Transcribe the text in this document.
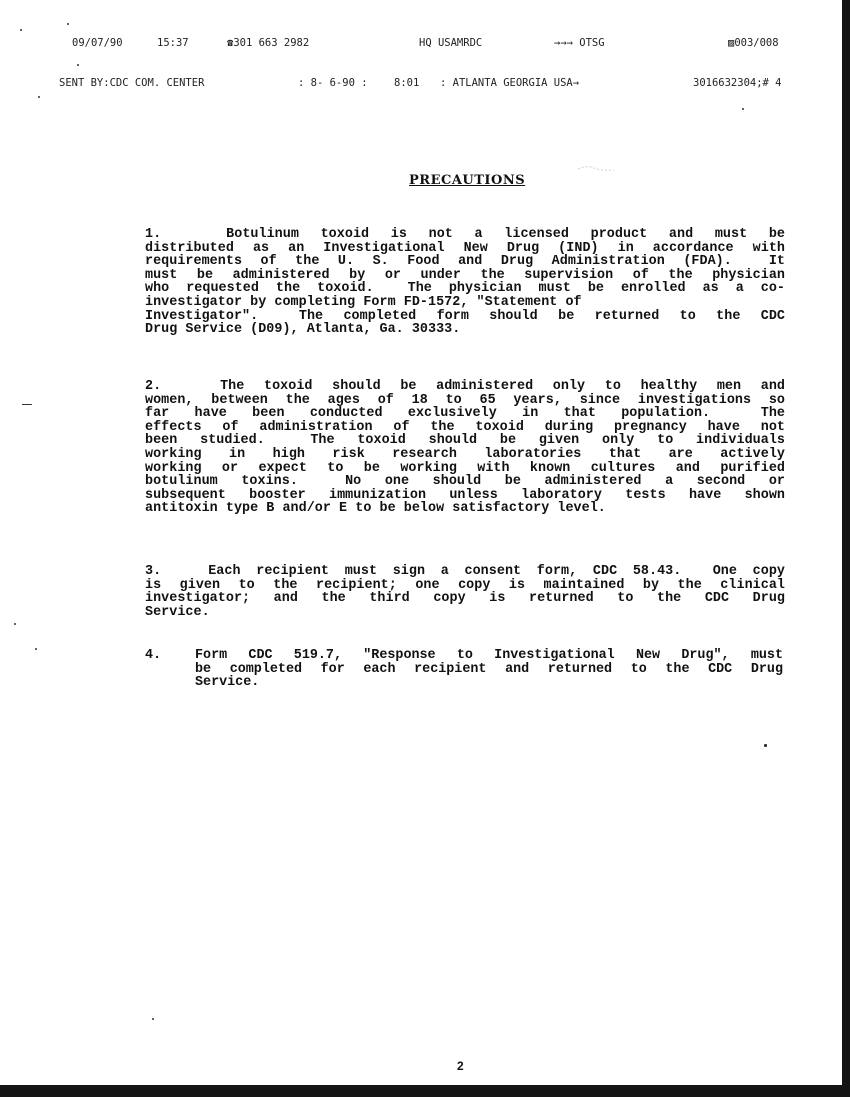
09/07/90

	15:37

	☎301 663 2982

	HQ USAMRDC

	→→→ OTSG

	▨003/008

SENT BY:CDC COM. CENTER

	: 8- 6-90 :

	8:01

: ATLANTA GEORGIA USA→

	3016632304;# 4

PRECAUTIONS
1.   Botulinum toxoid is not a licensed product and must be
distributed as an Investigational New Drug (IND) in accordance with
requirements of the U. S. Food and Drug Administration (FDA).  It
must be administered by or under the supervision of the physician
who requested the toxoid.  The physician must be enrolled as a co-
investigator by completing Form FD-1572, "Statement of
Investigator".  The completed form should be returned to the CDC
Drug Service (D09), Atlanta, Ga. 30333.
2.   The toxoid should be administered only to healthy men and
women, between the ages of 18 to 65 years, since investigations so
far have been conducted exclusively in that population.  The
effects of administration of the toxoid during pregnancy have not
been studied.  The toxoid should be given only to individuals
working in high risk research laboratories that are actively
working or expect to be working with known cultures and purified
botulinum toxins.  No one should be administered a second or
subsequent booster immunization unless laboratory tests have shown
antitoxin type B and/or E to be below satisfactory level.
3.   Each recipient must sign a consent form, CDC 58.43.  One copy
is given to the recipient; one copy is maintained by the clinical
investigator; and the third copy is returned to the CDC Drug
Service.
4.	Form CDC 519.7, "Response to Investigational New Drug", must
be completed for each recipient and returned to the CDC Drug
Service.
2
